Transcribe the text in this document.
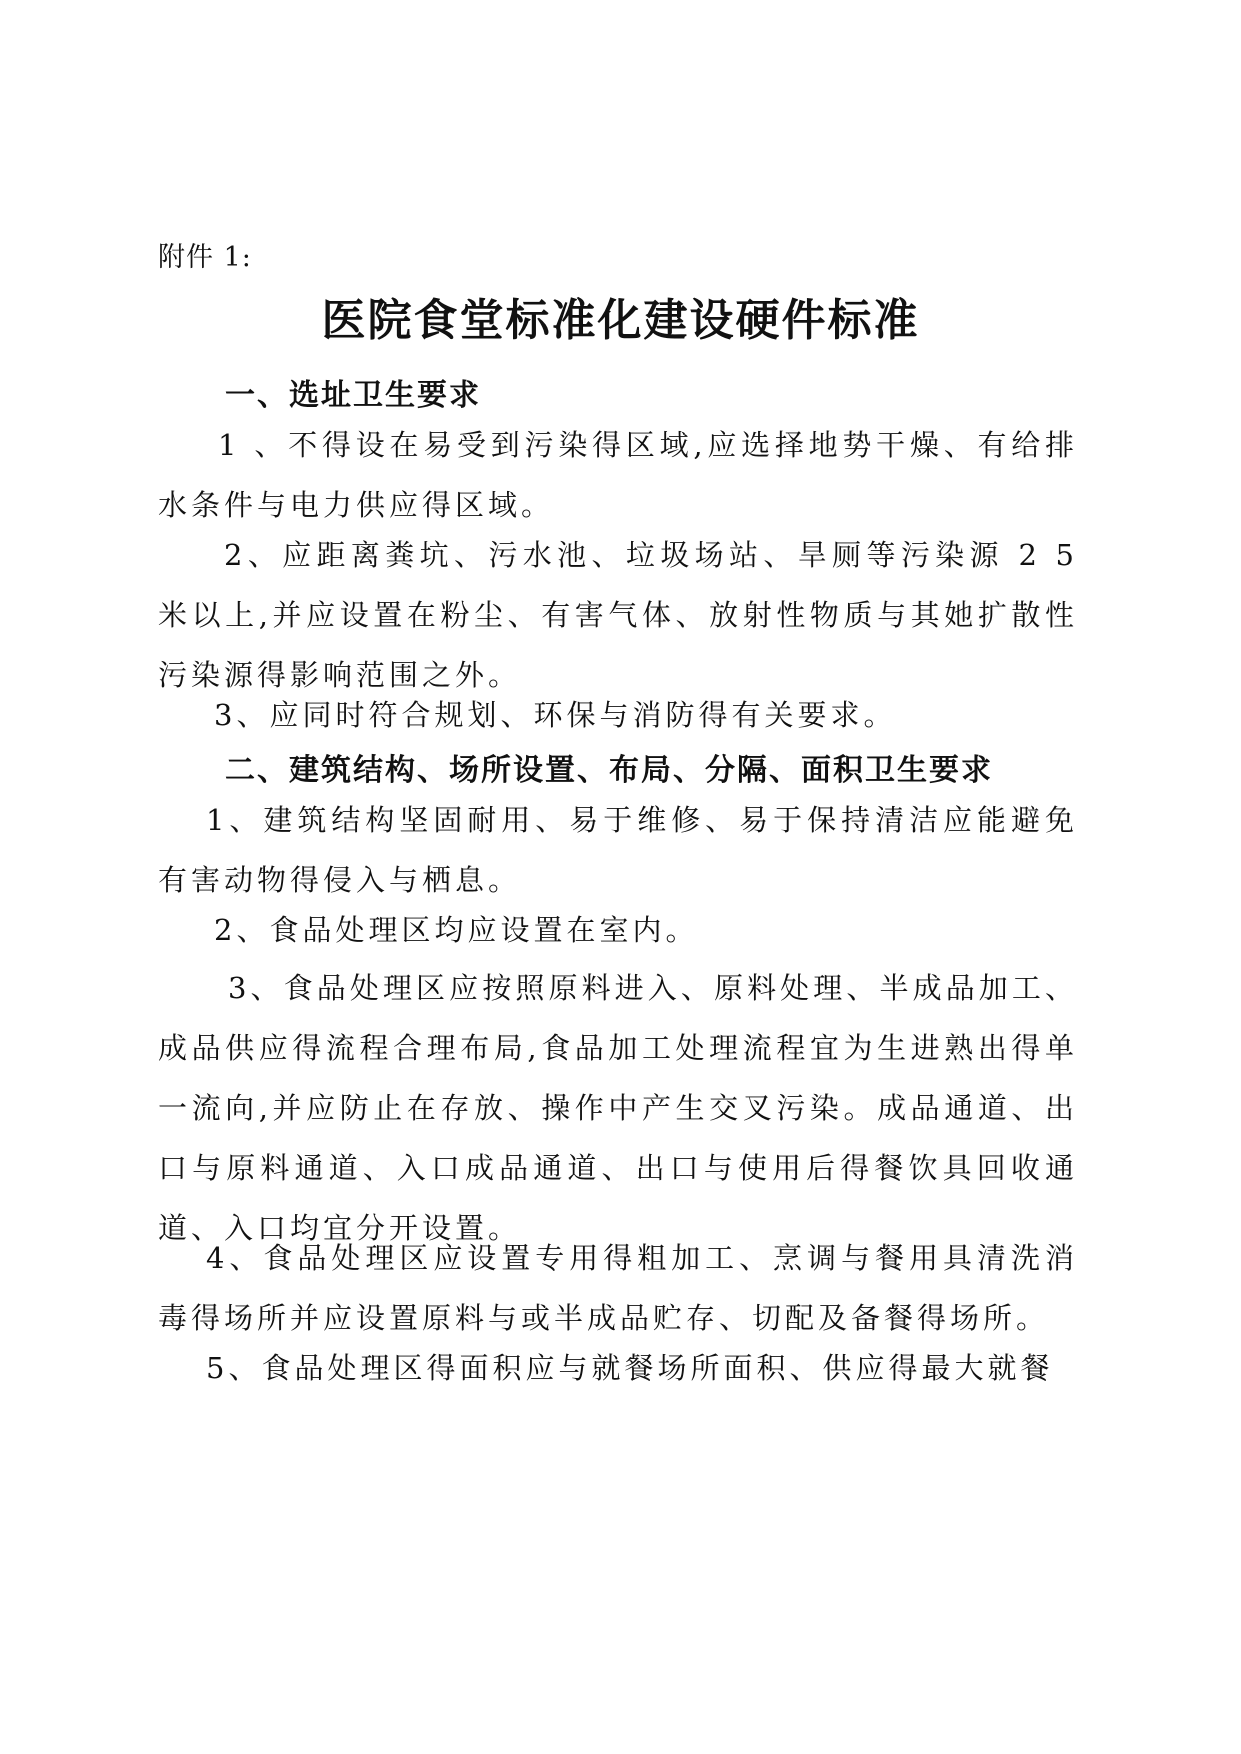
附件 1:
医院食堂标准化建设硬件标准
一、选址卫生要求
1 、不得设在易受到污染得区域,应选择地势干燥、有给排水条件与电力供应得区域。
2、应距离粪坑、污水池、垃圾场站、旱厕等污染源 2 5 米以上,并应设置在粉尘、有害气体、放射性物质与其她扩散性污染源得影响范围之外。
3、应同时符合规划、环保与消防得有关要求。
二、建筑结构、场所设置、布局、分隔、面积卫生要求
1、建筑结构坚固耐用、易于维修、易于保持清洁应能避免有害动物得侵入与栖息。
2、食品处理区均应设置在室内。
3、食品处理区应按照原料进入、原料处理、半成品加工、成品供应得流程合理布局,食品加工处理流程宜为生进熟出得单一流向,并应防止在存放、操作中产生交叉污染。成品通道、出口与原料通道、入口成品通道、出口与使用后得餐饮具回收通道、入口均宜分开设置。
4、食品处理区应设置专用得粗加工、烹调与餐用具清洗消毒得场所并应设置原料与或半成品贮存、切配及备餐得场所。
5、食品处理区得面积应与就餐场所面积、供应得最大就餐
